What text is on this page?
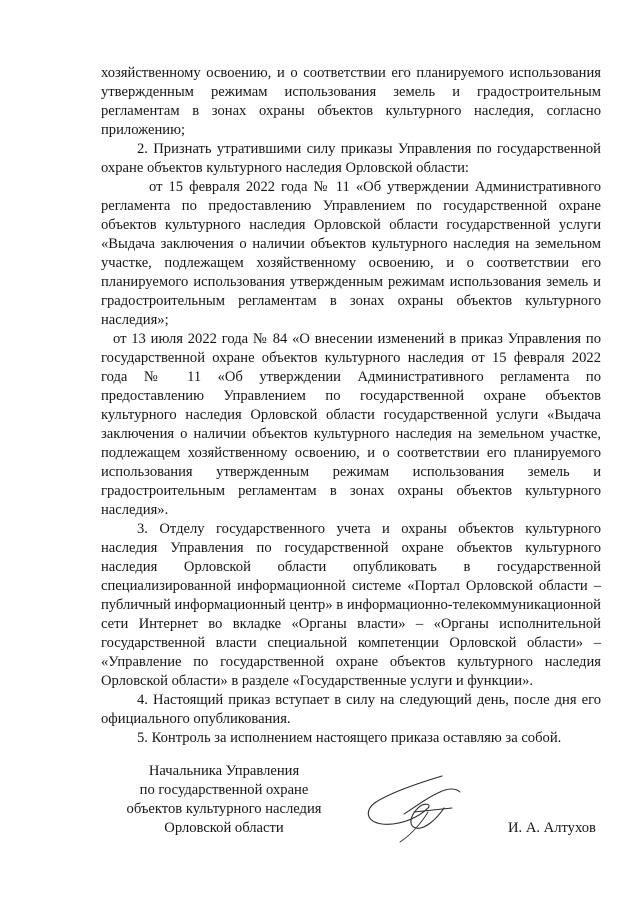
хозяйственному освоению, и о соответствии его планируемого использования утвержденным режимам использования земель и градостроительным регламентам в зонах охраны объектов культурного наследия, согласно приложению;

2. Признать утратившими силу приказы Управления по государственной охране объектов культурного наследия Орловской области:

от 15 февраля 2022 года № 11 «Об утверждении Административного регламента по предоставлению Управлением по государственной охране объектов культурного наследия Орловской области государственной услуги «Выдача заключения о наличии объектов культурного наследия на земельном участке, подлежащем хозяйственному освоению, и о соответствии его планируемого использования утвержденным режимам использования земель и градостроительным регламентам в зонах охраны объектов культурного наследия»;

от 13 июля 2022 года № 84 «О внесении изменений в приказ Управления по государственной охране объектов культурного наследия от 15 февраля 2022 года № 11 «Об утверждении Административного регламента по предоставлению Управлением по государственной охране объектов культурного наследия Орловской области государственной услуги «Выдача заключения о наличии объектов культурного наследия на земельном участке, подлежащем хозяйственному освоению, и о соответствии его планируемого использования утвержденным режимам использования земель и градостроительным регламентам в зонах охраны объектов культурного наследия».

3. Отделу государственного учета и охраны объектов культурного наследия Управления по государственной охране объектов культурного наследия Орловской области опубликовать в государственной специализированной информационной системе «Портал Орловской области – публичный информационный центр» в информационно-телекоммуникационной сети Интернет во вкладке «Органы власти» – «Органы исполнительной государственной власти специальной компетенции Орловской области» – «Управление по государственной охране объектов культурного наследия Орловской области» в разделе «Государственные услуги и функции».

4. Настоящий приказ вступает в силу на следующий день, после дня его официального опубликования.

5. Контроль за исполнением настоящего приказа оставляю за собой.

Начальника Управления
по государственной охране
объектов культурного наследия
Орловской области	И. А. Алтухов
